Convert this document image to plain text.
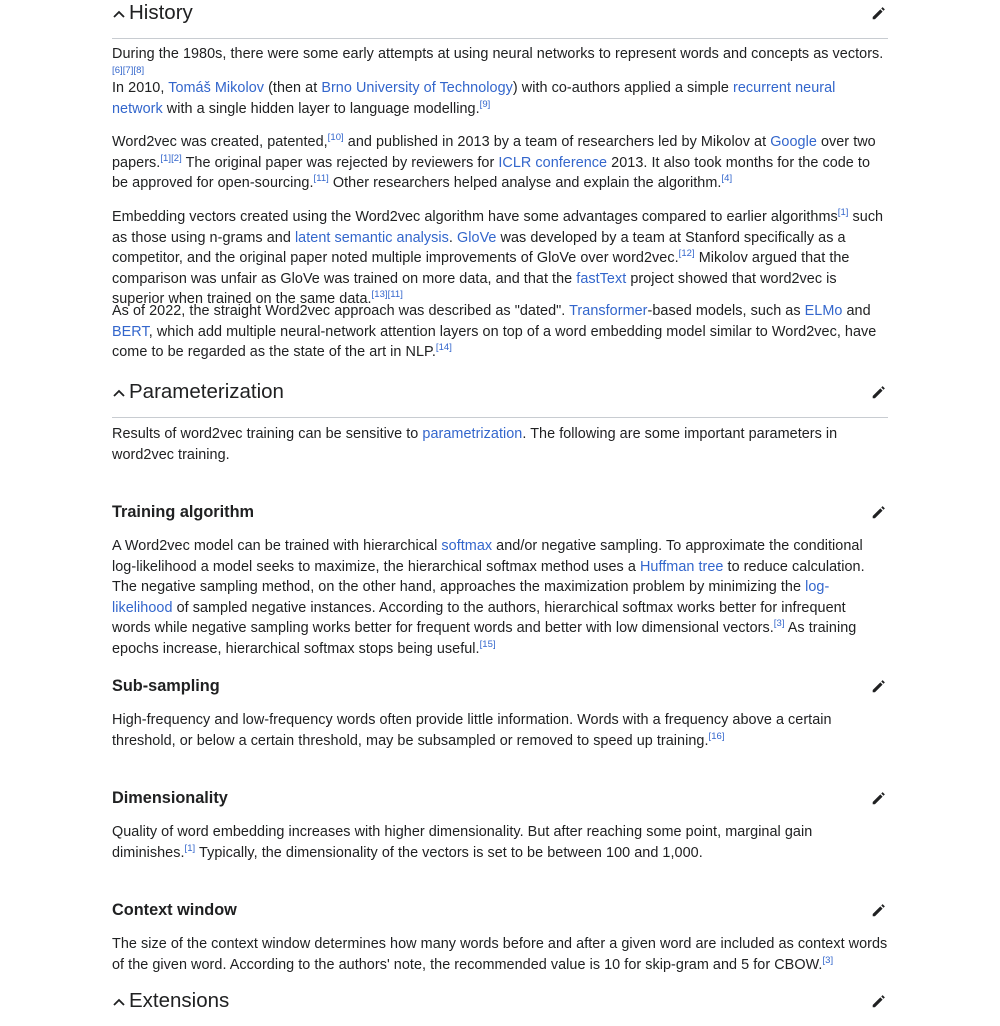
History

During the 1980s, there were some early attempts at using neural networks to represent words and concepts as vectors.[6][7][8]

In 2010, Tomáš Mikolov (then at Brno University of Technology) with co-authors applied a simple recurrent neural network with a single hidden layer to language modelling.[9]

Word2vec was created, patented,[10] and published in 2013 by a team of researchers led by Mikolov at Google over two papers.[1][2] The original paper was rejected by reviewers for ICLR conference 2013. It also took months for the code to be approved for open-sourcing.[11] Other researchers helped analyse and explain the algorithm.[4]

Embedding vectors created using the Word2vec algorithm have some advantages compared to earlier algorithms[1] such as those using n-grams and latent semantic analysis. GloVe was developed by a team at Stanford specifically as a competitor, and the original paper noted multiple improvements of GloVe over word2vec.[12] Mikolov argued that the comparison was unfair as GloVe was trained on more data, and that the fastText project showed that word2vec is superior when trained on the same data.[13][11]

As of 2022, the straight Word2vec approach was described as "dated". Transformer-based models, such as ELMo and BERT, which add multiple neural-network attention layers on top of a word embedding model similar to Word2vec, have come to be regarded as the state of the art in NLP.[14]

Parameterization

Results of word2vec training can be sensitive to parametrization. The following are some important parameters in word2vec training.

Training algorithm

A Word2vec model can be trained with hierarchical softmax and/or negative sampling. To approximate the conditional log-likelihood a model seeks to maximize, the hierarchical softmax method uses a Huffman tree to reduce calculation. The negative sampling method, on the other hand, approaches the maximization problem by minimizing the log-likelihood of sampled negative instances. According to the authors, hierarchical softmax works better for infrequent words while negative sampling works better for frequent words and better with low dimensional vectors.[3] As training epochs increase, hierarchical softmax stops being useful.[15]

Sub-sampling

High-frequency and low-frequency words often provide little information. Words with a frequency above a certain threshold, or below a certain threshold, may be subsampled or removed to speed up training.[16]

Dimensionality

Quality of word embedding increases with higher dimensionality. But after reaching some point, marginal gain diminishes.[1] Typically, the dimensionality of the vectors is set to be between 100 and 1,000.

Context window

The size of the context window determines how many words before and after a given word are included as context words of the given word. According to the authors' note, the recommended value is 10 for skip-gram and 5 for CBOW.[3]

Extensions
